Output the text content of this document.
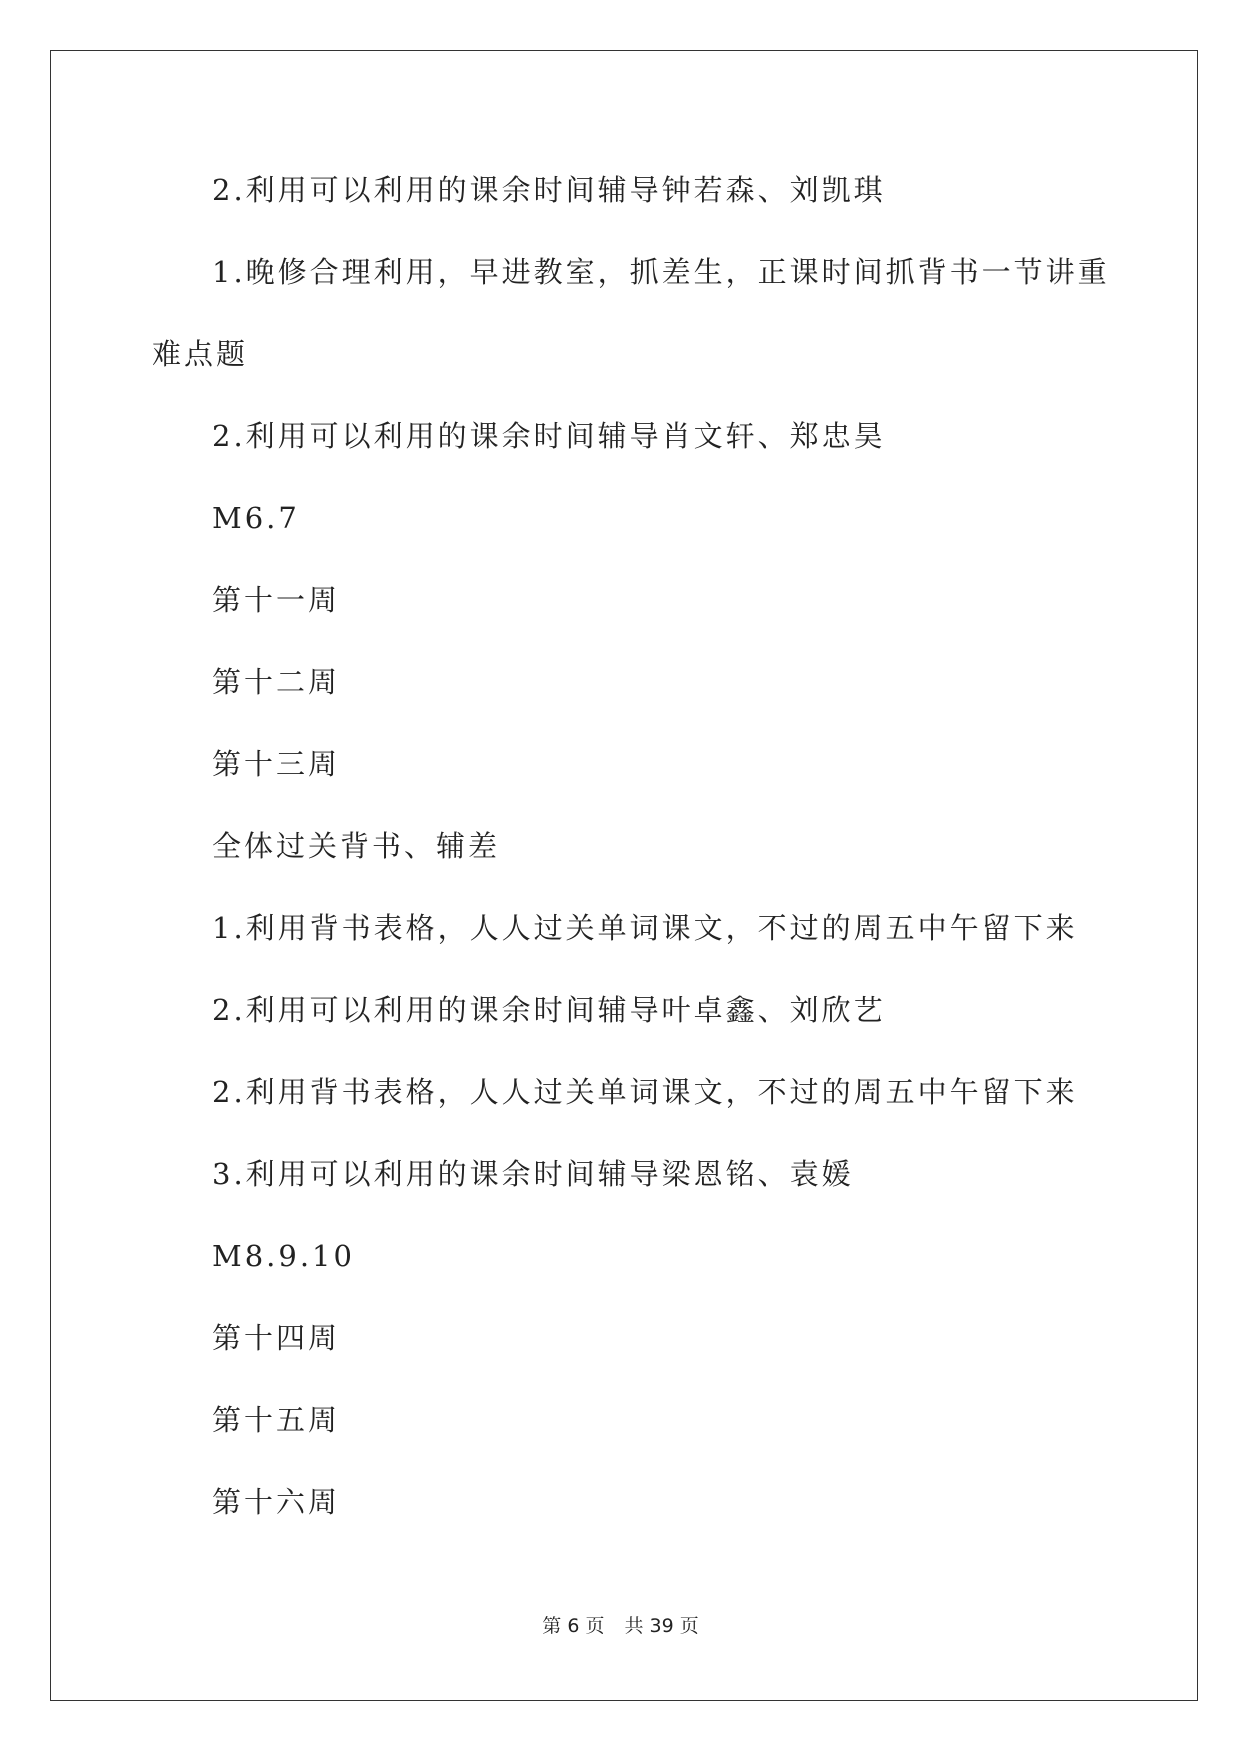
2.利用可以利用的课余时间辅导钟若森、刘凯琪
1.晚修合理利用，早进教室，抓差生，正课时间抓背书一节讲重
难点题
2.利用可以利用的课余时间辅导肖文轩、郑忠昊
M6.7
第十一周
第十二周
第十三周
全体过关背书、辅差
1.利用背书表格，人人过关单词课文，不过的周五中午留下来
2.利用可以利用的课余时间辅导叶卓鑫、刘欣艺
2.利用背书表格，人人过关单词课文，不过的周五中午留下来
3.利用可以利用的课余时间辅导梁恩铭、袁媛
M8.9.10
第十四周
第十五周
第十六周
第 6 页 共 39 页
